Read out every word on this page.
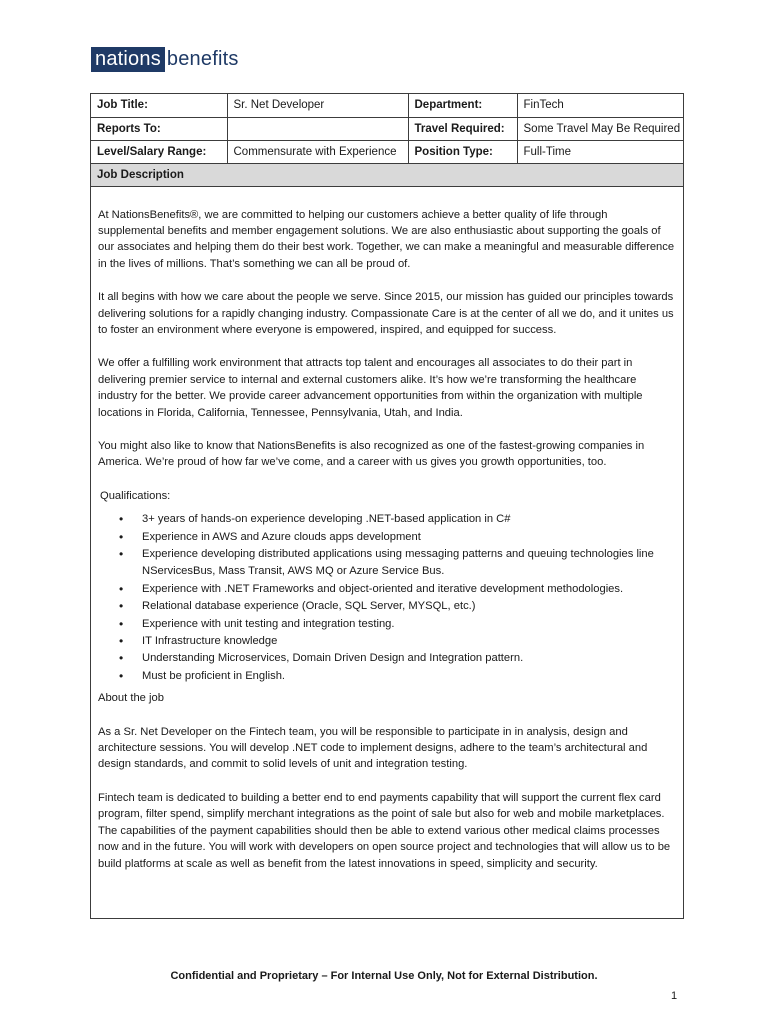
nations benefits
Job Title:	Sr. Net Developer	Department:	FinTech
Reports To:		Travel Required:	Some Travel May Be Required
Level/Salary Range:	Commensurate with Experience	Position Type:	Full-Time
Job Description

At NationsBenefits®, we are committed to helping our customers achieve a better quality of life through supplemental benefits and member engagement solutions. We are also enthusiastic about supporting the goals of our associates and helping them do their best work. Together, we can make a meaningful and measurable difference in the lives of millions. That’s something we can all be proud of.

It all begins with how we care about the people we serve. Since 2015, our mission has guided our principles towards delivering solutions for a rapidly changing industry. Compassionate Care is at the center of all we do, and it unites us to foster an environment where everyone is empowered, inspired, and equipped for success.

We offer a fulfilling work environment that attracts top talent and encourages all associates to do their part in delivering premier service to internal and external customers alike. It’s how we’re transforming the healthcare industry for the better. We provide career advancement opportunities from within the organization with multiple locations in Florida, California, Tennessee, Pennsylvania, Utah, and India.

You might also like to know that NationsBenefits is also recognized as one of the fastest-growing companies in America. We’re proud of how far we’ve come, and a career with us gives you growth opportunities, too.

Qualifications:
• 3+ years of hands-on experience developing .NET-based application in C#
• Experience in AWS and Azure clouds apps development
• Experience developing distributed applications using messaging patterns and queuing technologies line NServicesBus, Mass Transit, AWS MQ or Azure Service Bus.
• Experience with .NET Frameworks and object-oriented and iterative development methodologies.
• Relational database experience (Oracle, SQL Server, MYSQL, etc.)
• Experience with unit testing and integration testing.
• IT Infrastructure knowledge
• Understanding Microservices, Domain Driven Design and Integration pattern.
• Must be proficient in English.
About the job

As a Sr. Net Developer on the Fintech team, you will be responsible to participate in in analysis, design and architecture sessions. You will develop .NET code to implement designs, adhere to the team’s architectural and design standards, and commit to solid levels of unit and integration testing.

Fintech team is dedicated to building a better end to end payments capability that will support the current flex card program, filter spend, simplify merchant integrations as the point of sale but also for web and mobile marketplaces. The capabilities of the payment capabilities should then be able to extend various other medical claims processes now and in the future. You will work with developers on open source project and technologies that will allow us to be build platforms at scale as well as benefit from the latest innovations in speed, simplicity and security.

Confidential and Proprietary – For Internal Use Only, Not for External Distribution.
1
